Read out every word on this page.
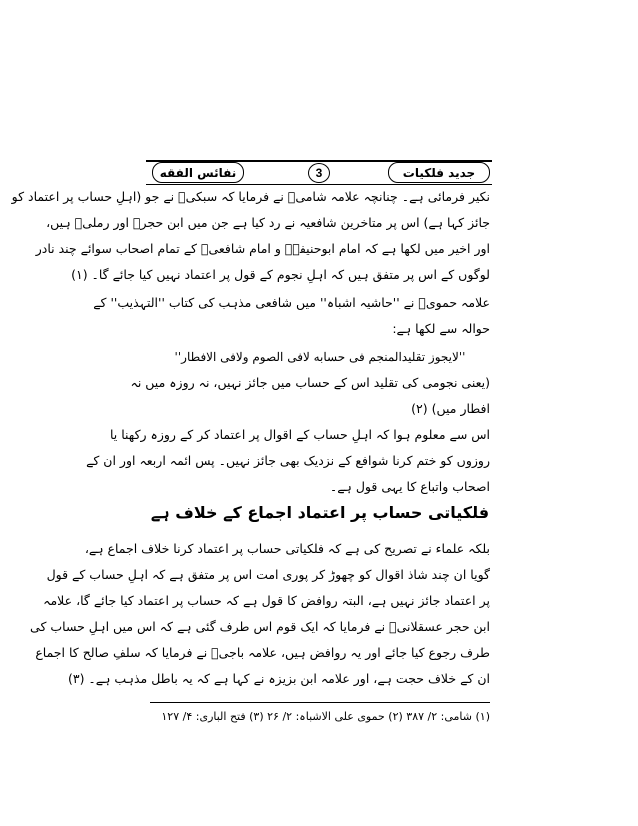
جدید فلکیات
3
نفائس الفقه
نکیر فرمائی ہے۔ چنانچہ علامہ شامیؒ نے فرمایا کہ سبکیؒ نے جو (اہلِ حساب پر اعتماد کو
جائز کہا ہے) اس پر متاخرین شافعیہ نے رد کیا ہے جن میں ابن حجرؒ اور رملیؒ ہیں،
اور اخیر میں لکھا ہے کہ امام ابوحنیفہؒ و امام شافعیؒ کے تمام اصحاب سوائے چند نادر
لوگوں کے اس پر متفق ہیں کہ اہلِ نجوم کے قول پر اعتماد نہیں کیا جائے گا۔ (۱)
علامہ حمویؒ نے ''حاشیہ اشباہ'' میں شافعی مذہب کی کتاب ''التہذیب'' کے
حوالہ سے لکھا ہے:
''لایجوز تقلیدالمنجم فی حسابه لافی الصوم ولافی الافطار''
(یعنی نجومی کی تقلید اس کے حساب میں جائز نہیں، نہ روزہ میں نہ
افطار میں) (۲)
اس سے معلوم ہوا کہ اہلِ حساب کے اقوال پر اعتماد کر کے روزہ رکھنا یا
روزوں کو ختم کرنا شوافع کے نزدیک بھی جائز نہیں۔ پس ائمہ اربعہ اور ان کے
اصحاب واتباع کا یہی قول ہے۔
فلکیاتی حساب پر اعتماد اجماع کے خلاف ہے
بلکہ علماء نے تصریح کی ہے کہ فلکیاتی حساب پر اعتماد کرنا خلاف اجماع ہے،
گویا ان چند شاذ اقوال کو چھوڑ کر پوری امت اس پر متفق ہے کہ اہلِ حساب کے قول
پر اعتماد جائز نہیں ہے، البتہ روافض کا قول ہے کہ حساب پر اعتماد کیا جائے گا، علامہ
ابن حجر عسقلانیؒ نے فرمایا کہ ایک قوم اس طرف گئی ہے کہ اس میں اہلِ حساب کی
طرف رجوع کیا جائے اور یہ روافض ہیں، علامہ باجیؒ نے فرمایا کہ سلفِ صالح کا اجماع
ان کے خلاف حجت ہے، اور علامہ ابن بزیزہ نے کہا ہے کہ یہ باطل مذہب ہے۔ (۳)
(۱) شامی: ۲/ ۳۸۷ (۲) حموی علی الاشباہ: ۲/ ۲۶ (۳) فتح الباری: ۴/ ۱۲۷
